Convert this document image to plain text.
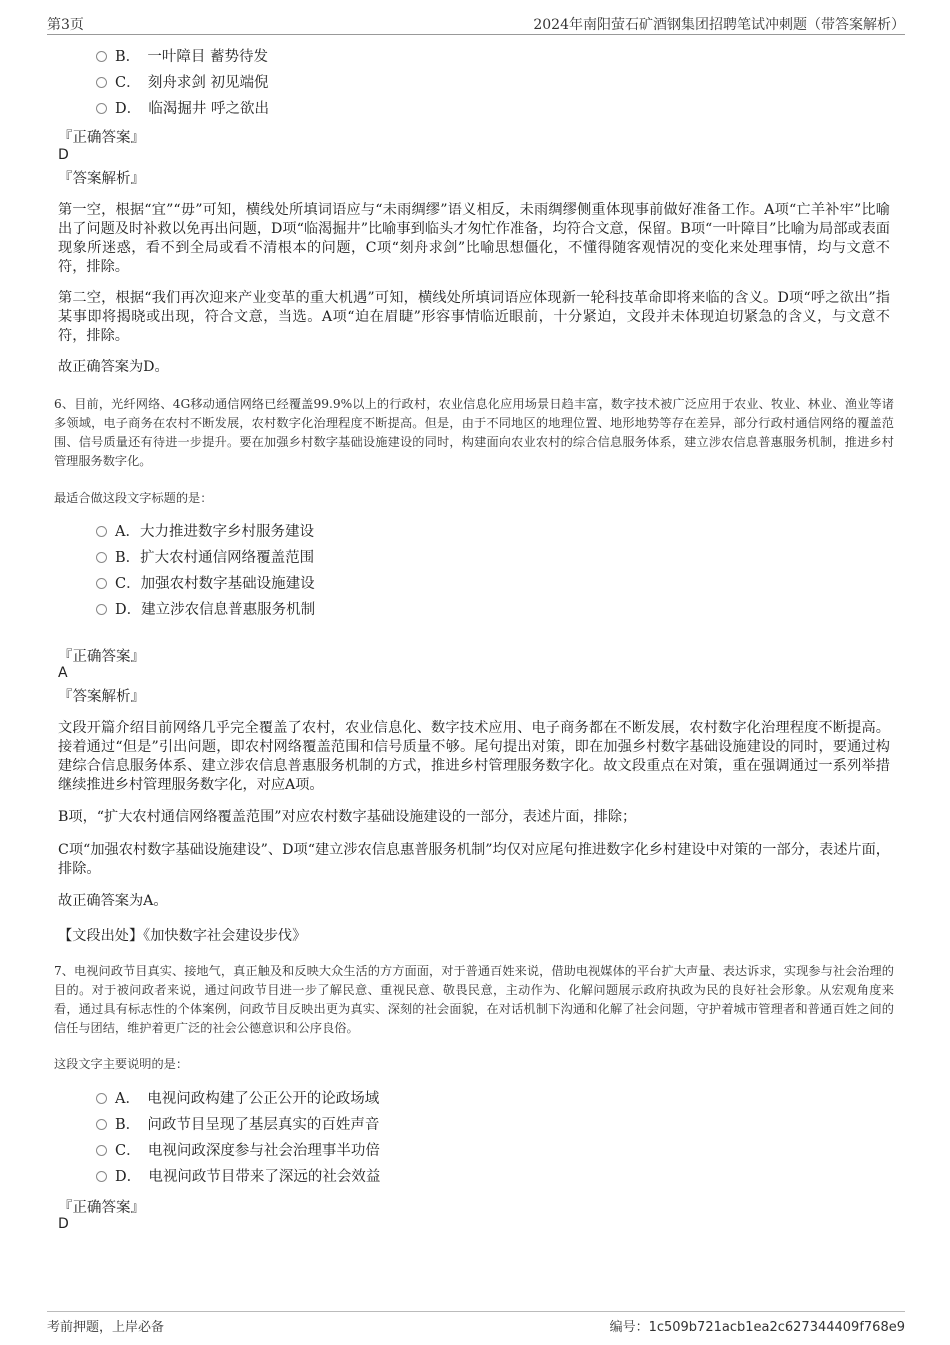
第3页	2024年南阳萤石矿酒钢集团招聘笔试冲刺题（带答案解析）
B．　一叶障目 蓄势待发
C．　刻舟求剑 初见端倪
D．　临渴掘井 呼之欲出
『正确答案』
D
『答案解析』
第一空，根据“宜”“毋”可知，横线处所填词语应与“未雨绸缪”语义相反，未雨绸缪侧重体现事前做好准备工作。A项“亡羊补牢”比喻出了问题及时补救以免再出问题，D项“临渴掘井”比喻事到临头才匆忙作准备，均符合文意，保留。B项“一叶障目”比喻为局部或表面现象所迷惑，看不到全局或看不清根本的问题，C项“刻舟求剑”比喻思想僵化，不懂得随客观情况的变化来处理事情，均与文意不符，排除。
第二空，根据“我们再次迎来产业变革的重大机遇”可知，横线处所填词语应体现新一轮科技革命即将来临的含义。D项“呼之欲出”指某事即将揭晓或出现，符合文意，当选。A项“迫在眉睫”形容事情临近眼前，十分紧迫，文段并未体现迫切紧急的含义，与文意不符，排除。
故正确答案为D。
6、目前，光纤网络、4G移动通信网络已经覆盖99.9%以上的行政村，农业信息化应用场景日趋丰富，数字技术被广泛应用于农业、牧业、林业、渔业等诸多领域，电子商务在农村不断发展，农村数字化治理程度不断提高。但是，由于不同地区的地理位置、地形地势等存在差异，部分行政村通信网络的覆盖范围、信号质量还有待进一步提升。要在加强乡村数字基础设施建设的同时，构建面向农业农村的综合信息服务体系，建立涉农信息普惠服务机制，推进乡村管理服务数字化。
最适合做这段文字标题的是：
A．大力推进数字乡村服务建设
B．扩大农村通信网络覆盖范围
C．加强农村数字基础设施建设
D．建立涉农信息普惠服务机制
『正确答案』
A
『答案解析』
文段开篇介绍目前网络几乎完全覆盖了农村，农业信息化、数字技术应用、电子商务都在不断发展，农村数字化治理程度不断提高。接着通过“但是”引出问题，即农村网络覆盖范围和信号质量不够。尾句提出对策，即在加强乡村数字基础设施建设的同时，要通过构建综合信息服务体系、建立涉农信息普惠服务机制的方式，推进乡村管理服务数字化。故文段重点在对策，重在强调通过一系列举措继续推进乡村管理服务数字化，对应A项。
B项，“扩大农村通信网络覆盖范围”对应农村数字基础设施建设的一部分，表述片面，排除；
C项“加强农村数字基础设施建设”、D项“建立涉农信息惠普服务机制”均仅对应尾句推进数字化乡村建设中对策的一部分，表述片面，排除。
故正确答案为A。
【文段出处】《加快数字社会建设步伐》
7、电视问政节目真实、接地气，真正触及和反映大众生活的方方面面，对于普通百姓来说，借助电视媒体的平台扩大声量、表达诉求，实现参与社会治理的目的。对于被问政者来说，通过问政节目进一步了解民意、重视民意、敬畏民意，主动作为、化解问题展示政府执政为民的良好社会形象。从宏观角度来看，通过具有标志性的个体案例，问政节目反映出更为真实、深刻的社会面貌，在对话机制下沟通和化解了社会问题，守护着城市管理者和普通百姓之间的信任与团结，维护着更广泛的社会公德意识和公序良俗。
这段文字主要说明的是：
A．　电视问政构建了公正公开的论政场域
B．　问政节目呈现了基层真实的百姓声音
C．　电视问政深度参与社会治理事半功倍
D．　电视问政节目带来了深远的社会效益
『正确答案』
D
考前押题，上岸必备	编号：1c509b721acb1ea2c627344409f768e9
